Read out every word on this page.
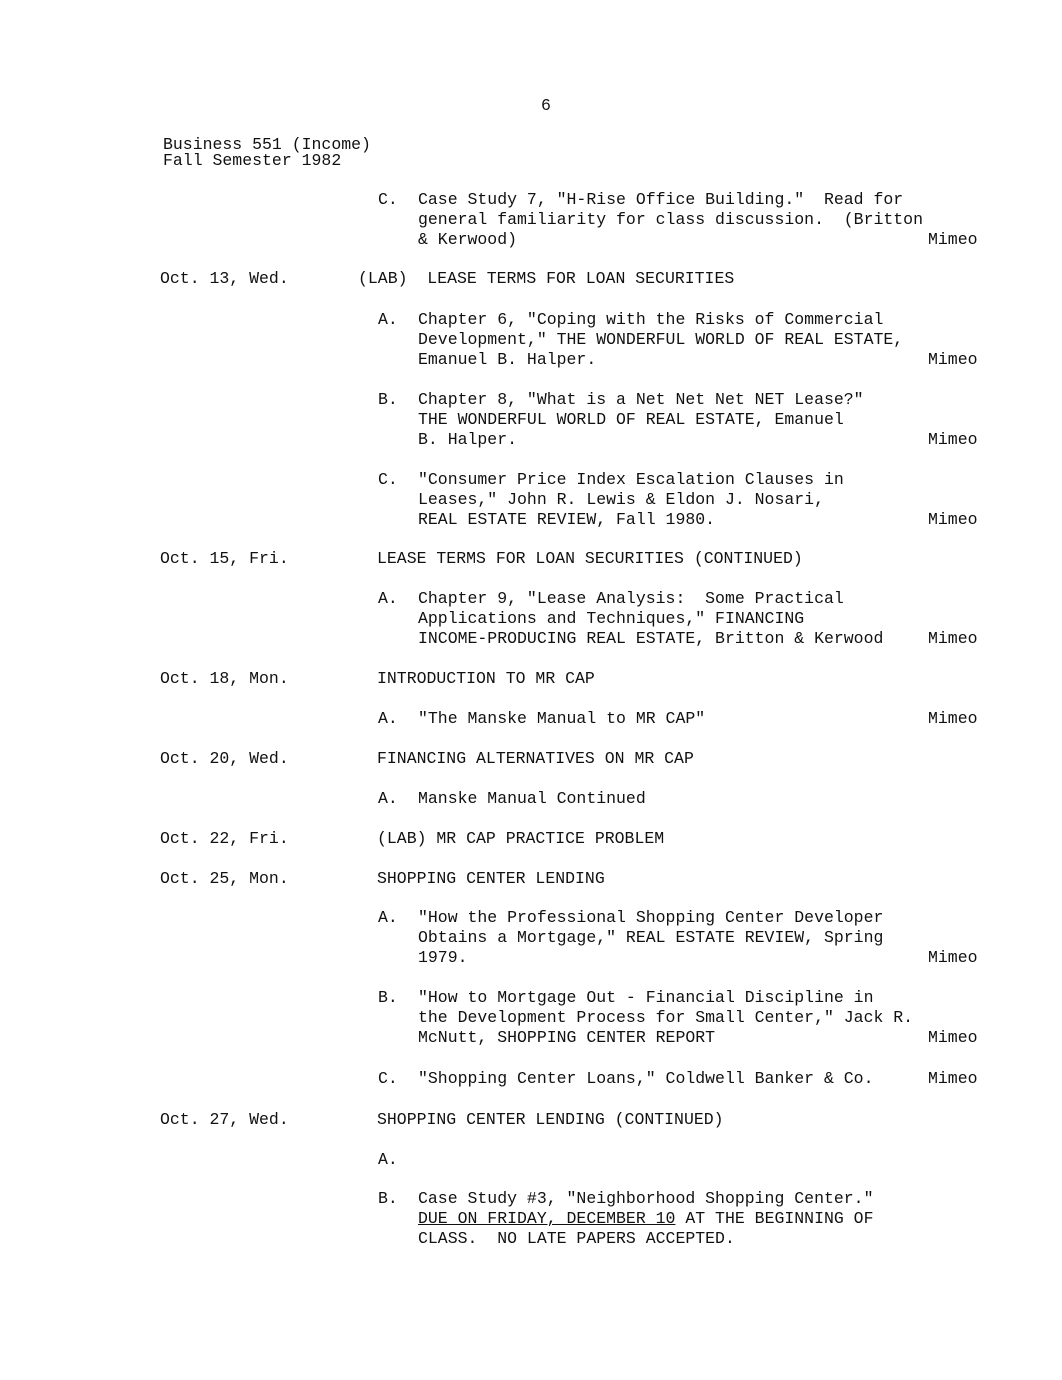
6
Business 551 (Income)
Fall Semester 1982
C. Case Study 7, "H-Rise Office Building."  Read for
general familiarity for class discussion.  (Britton
& Kerwood)	Mimeo
Oct. 13, Wed.	(LAB)  LEASE TERMS FOR LOAN SECURITIES
A. Chapter 6, "Coping with the Risks of Commercial
Development," THE WONDERFUL WORLD OF REAL ESTATE,
Emanuel B. Halper.	Mimeo
B. Chapter 8, "What is a Net Net Net NET Lease?"
THE WONDERFUL WORLD OF REAL ESTATE, Emanuel
B. Halper.	Mimeo
C. "Consumer Price Index Escalation Clauses in
Leases," John R. Lewis & Eldon J. Nosari,
REAL ESTATE REVIEW, Fall 1980.	Mimeo
Oct. 15, Fri.	LEASE TERMS FOR LOAN SECURITIES (CONTINUED)
A. Chapter 9, "Lease Analysis:  Some Practical
Applications and Techniques," FINANCING
INCOME-PRODUCING REAL ESTATE, Britton & Kerwood	Mimeo
Oct. 18, Mon.	INTRODUCTION TO MR CAP
A. "The Manske Manual to MR CAP"	Mimeo
Oct. 20, Wed.	FINANCING ALTERNATIVES ON MR CAP
A. Manske Manual Continued
Oct. 22, Fri.	(LAB) MR CAP PRACTICE PROBLEM
Oct. 25, Mon.	SHOPPING CENTER LENDING
A. "How the Professional Shopping Center Developer
Obtains a Mortgage," REAL ESTATE REVIEW, Spring
1979.	Mimeo
B. "How to Mortgage Out - Financial Discipline in
the Development Process for Small Center," Jack R.
McNutt, SHOPPING CENTER REPORT	Mimeo
C. "Shopping Center Loans," Coldwell Banker & Co.	Mimeo
Oct. 27, Wed.	SHOPPING CENTER LENDING (CONTINUED)
A.
B. Case Study #3, "Neighborhood Shopping Center."
DUE ON FRIDAY, DECEMBER 10 AT THE BEGINNING OF
CLASS.  NO LATE PAPERS ACCEPTED.
